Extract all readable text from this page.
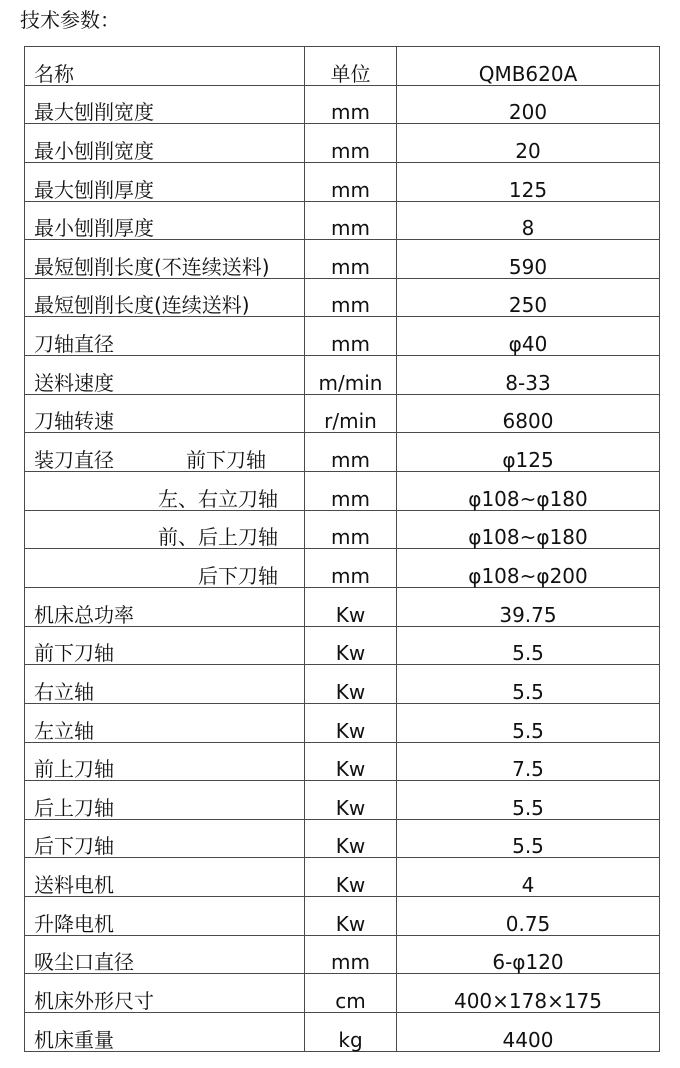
技术参数：
名称	单位	QMB620A
最大刨削宽度	mm	200
最小刨削宽度	mm	20
最大刨削厚度	mm	125
最小刨削厚度	mm	8
最短刨削长度(不连续送料)	mm	590
最短刨削长度(连续送料)	mm	250
刀轴直径	mm	φ40
送料速度	m/min	8-33
刀轴转速	r/min	6800
装刀直径	前下刀轴	mm	φ125
左、右立刀轴	mm	φ108~φ180
前、后上刀轴	mm	φ108~φ180
后下刀轴	mm	φ108~φ200
机床总功率	Kw	39.75
前下刀轴	Kw	5.5
右立轴	Kw	5.5
左立轴	Kw	5.5
前上刀轴	Kw	7.5
后上刀轴	Kw	5.5
后下刀轴	Kw	5.5
送料电机	Kw	4
升降电机	Kw	0.75
吸尘口直径	mm	6-φ120
机床外形尺寸	cm	400×178×175
机床重量	kg	4400
